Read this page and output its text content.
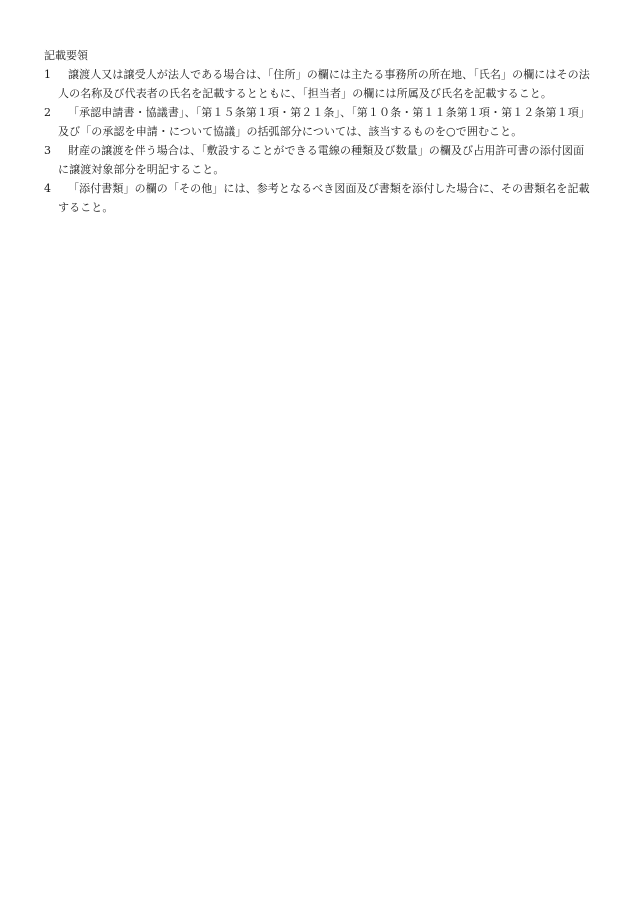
記載要領

1	譲渡人又は譲受人が法人である場合は、「住所」の欄には主たる事務所の所在地、「氏名」の欄にはその法人の名称及び代表者の氏名を記載するとともに、「担当者」の欄には所属及び氏名を記載すること。
2	「承認申請書・協議書」、「第１５条第１項・第２１条」、「第１０条・第１１条第１項・第１２条第１項」及び「の承認を申請・について協議」の括弧部分については、該当するものを○で囲むこと。
3	財産の譲渡を伴う場合は、「敷設することができる電線の種類及び数量」の欄及び占用許可書の添付図面に譲渡対象部分を明記すること。
4	「添付書類」の欄の「その他」には、参考となるべき図面及び書類を添付した場合に、その書類名を記載すること。
